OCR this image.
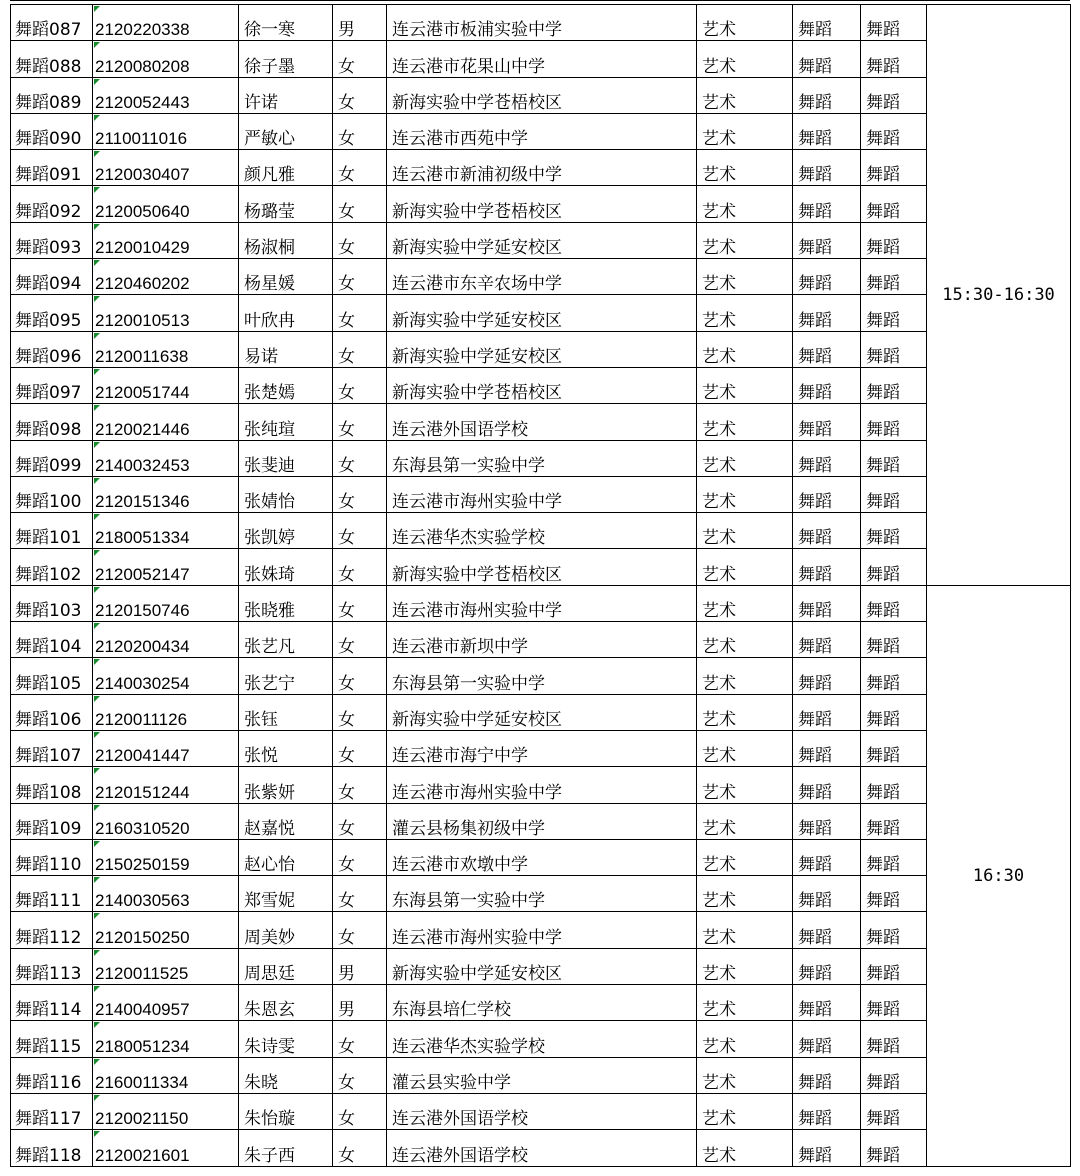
舞蹈087	2120220338	徐一寒	男	连云港市板浦实验中学	艺术	舞蹈	舞蹈	15:30-16:30
舞蹈088	2120080208	徐子墨	女	连云港市花果山中学	艺术	舞蹈	舞蹈	
舞蹈089	2120052443	许诺	女	新海实验中学苍梧校区	艺术	舞蹈	舞蹈	
舞蹈090	2110011016	严敏心	女	连云港市西苑中学	艺术	舞蹈	舞蹈	
舞蹈091	2120030407	颜凡雅	女	连云港市新浦初级中学	艺术	舞蹈	舞蹈	
舞蹈092	2120050640	杨璐莹	女	新海实验中学苍梧校区	艺术	舞蹈	舞蹈	
舞蹈093	2120010429	杨淑桐	女	新海实验中学延安校区	艺术	舞蹈	舞蹈	
舞蹈094	2120460202	杨星媛	女	连云港市东辛农场中学	艺术	舞蹈	舞蹈	
舞蹈095	2120010513	叶欣冉	女	新海实验中学延安校区	艺术	舞蹈	舞蹈	
舞蹈096	2120011638	易诺	女	新海实验中学延安校区	艺术	舞蹈	舞蹈	
舞蹈097	2120051744	张楚嫣	女	新海实验中学苍梧校区	艺术	舞蹈	舞蹈	
舞蹈098	2120021446	张纯瑄	女	连云港外国语学校	艺术	舞蹈	舞蹈	
舞蹈099	2140032453	张斐迪	女	东海县第一实验中学	艺术	舞蹈	舞蹈	
舞蹈100	2120151346	张婧怡	女	连云港市海州实验中学	艺术	舞蹈	舞蹈	
舞蹈101	2180051334	张凯婷	女	连云港华杰实验学校	艺术	舞蹈	舞蹈	
舞蹈102	2120052147	张姝琦	女	新海实验中学苍梧校区	艺术	舞蹈	舞蹈	
舞蹈103	2120150746	张晓雅	女	连云港市海州实验中学	艺术	舞蹈	舞蹈	16:30
舞蹈104	2120200434	张艺凡	女	连云港市新坝中学	艺术	舞蹈	舞蹈	
舞蹈105	2140030254	张艺宁	女	东海县第一实验中学	艺术	舞蹈	舞蹈	
舞蹈106	2120011126	张钰	女	新海实验中学延安校区	艺术	舞蹈	舞蹈	
舞蹈107	2120041447	张悦	女	连云港市海宁中学	艺术	舞蹈	舞蹈	
舞蹈108	2120151244	张紫妍	女	连云港市海州实验中学	艺术	舞蹈	舞蹈	
舞蹈109	2160310520	赵嘉悦	女	灌云县杨集初级中学	艺术	舞蹈	舞蹈	
舞蹈110	2150250159	赵心怡	女	连云港市欢墩中学	艺术	舞蹈	舞蹈	
舞蹈111	2140030563	郑雪妮	女	东海县第一实验中学	艺术	舞蹈	舞蹈	
舞蹈112	2120150250	周美妙	女	连云港市海州实验中学	艺术	舞蹈	舞蹈	
舞蹈113	2120011525	周思廷	男	新海实验中学延安校区	艺术	舞蹈	舞蹈	
舞蹈114	2140040957	朱恩玄	男	东海县培仁学校	艺术	舞蹈	舞蹈	
舞蹈115	2180051234	朱诗雯	女	连云港华杰实验学校	艺术	舞蹈	舞蹈	
舞蹈116	2160011334	朱晓	女	灌云县实验中学	艺术	舞蹈	舞蹈	
舞蹈117	2120021150	朱怡璇	女	连云港外国语学校	艺术	舞蹈	舞蹈	
舞蹈118	2120021601	朱子西	女	连云港外国语学校	艺术	舞蹈	舞蹈	
